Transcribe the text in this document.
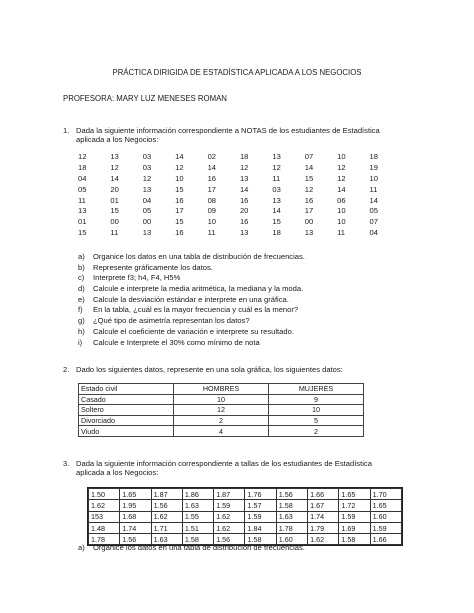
PRÁCTICA DIRIGIDA DE ESTADÍSTICA APLICADA A LOS NEGOCIOS
PROFESORA: MARY LUZ MENESES ROMAN
1. Dada la siguiente información correspondiente a NOTAS de los estudiantes de Estadística
aplicada a los Negocios:
12	13	03	14	02	18	13	07	10	18
18	12	03	12	14	12	12	14	12	19
04	14	12	10	16	13	11	15	12	10
05	20	13	15	17	14	03	12	14	11
11	01	04	16	08	16	13	16	06	14
13	15	05	17	09	20	14	17	10	05
01	00	00	15	10	16	15	00	10	07
15	11	13	16	11	13	18	13	11	04
a)	Organice los datos en una tabla de distribución de frecuencias.
b)	Represente gráficamente los datos.
c)	Interprete f3; h4, F4, H5%
d)	Calcule e interprete la media aritmética, la mediana y la moda.
e)	Calcule la desviación estándar e interprete en una gráfica.
f)	En la tabla, ¿cuál es la mayor frecuencia y cuál es la menor?
g)	¿Qué tipo de asimetría representan los datos?
h)	Calcule el coeficiente de variación e interprete su resultado.
i)	Calcule e Interprete el 30% como mínimo de nota
2. Dado los siguientes datos, represente en una sola gráfica, los siguientes datos:
Estado civil	HOMBRES	MUJERES
Casado	10	9
Soltero	12	10
Divorciado	2	5
Viudo	4	2
3. Dada la siguiente información correspondiente a tallas de los estudiantes de Estadística
aplicada a los Negocios:
1.50	1.65	1.87	1.86	1.87	1.76	1.56	1.66	1.65	1.70
1.62	1.95	1.56	1.63	1.59	1.57	1.58	1.67	1.72	1.65
153	1.68	1.62	1.55	1.62	1.59	1.63	1.74	1.59	1.60
1.48	1.74	1.71	1.51	1.62	1.84	1.78	1.79	1.69	1.59
1.78	1.56	1.63	1.58	1.56	1.58	1.60	1.62	1.58	1.66
a)	Organice los datos en una tabla de distribución de frecuencias.
